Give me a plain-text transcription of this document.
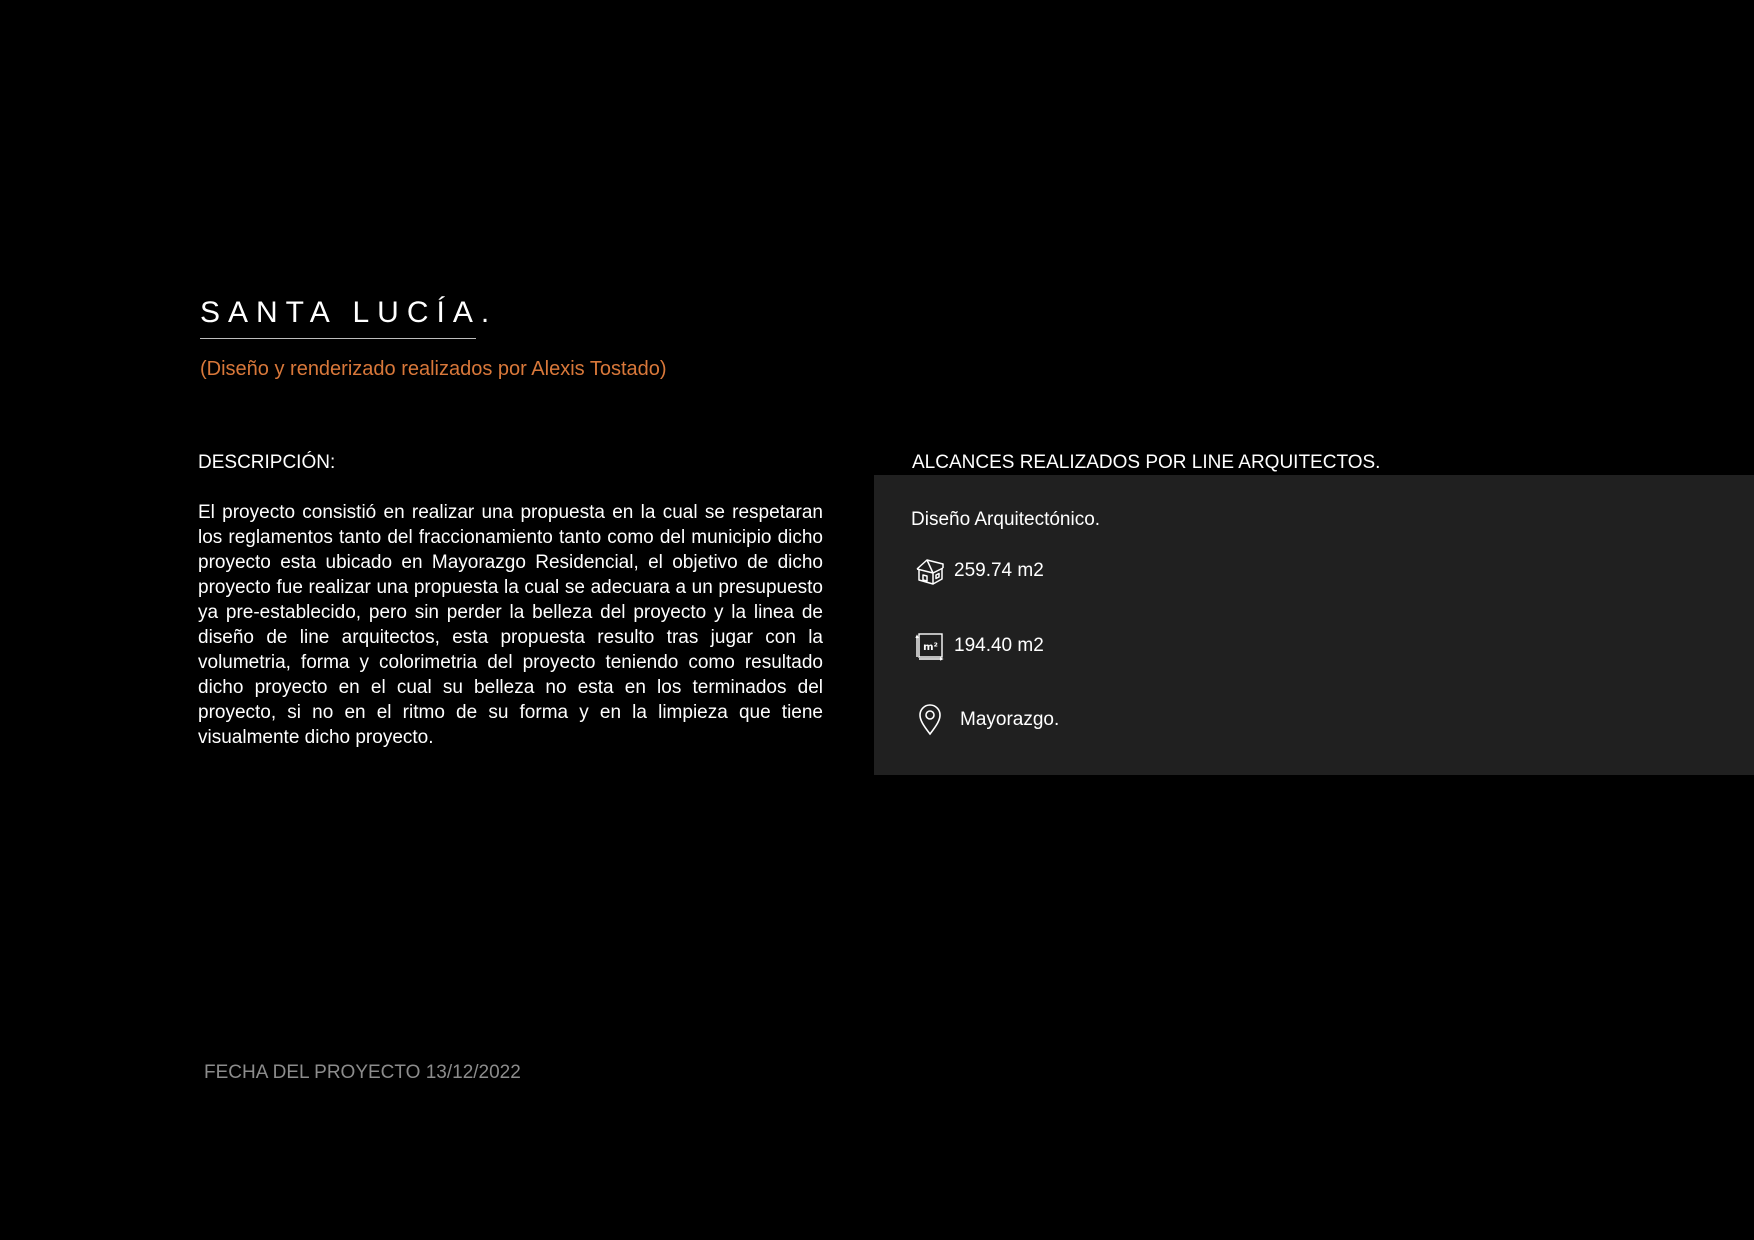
SANTA LUCÍA.
(Diseño y renderizado realizados por Alexis Tostado)
DESCRIPCIÓN:

El proyecto consistió en realizar una propuesta en la cual se respetaran los reglamentos tanto del fraccionamiento tanto como del municipio dicho proyecto esta ubicado en Mayorazgo Residencial, el objetivo de dicho proyecto fue realizar una propuesta la cual se adecuara a un presupuesto ya pre-establecido, pero sin perder la belleza del proyecto y la linea de diseño de line arquitectos, esta propuesta resulto tras jugar con la volumetria, forma y colorimetria del proyecto teniendo como resultado dicho proyecto en el cual su belleza no esta en los terminados del proyecto, si no en el ritmo de su forma y en la limpieza que tiene visualmente dicho proyecto.

ALCANCES REALIZADOS POR LINE ARQUITECTOS.
Diseño Arquitectónico.
259.74 m2
m² 194.40 m2
Mayorazgo.
FECHA DEL PROYECTO 13/12/2022
